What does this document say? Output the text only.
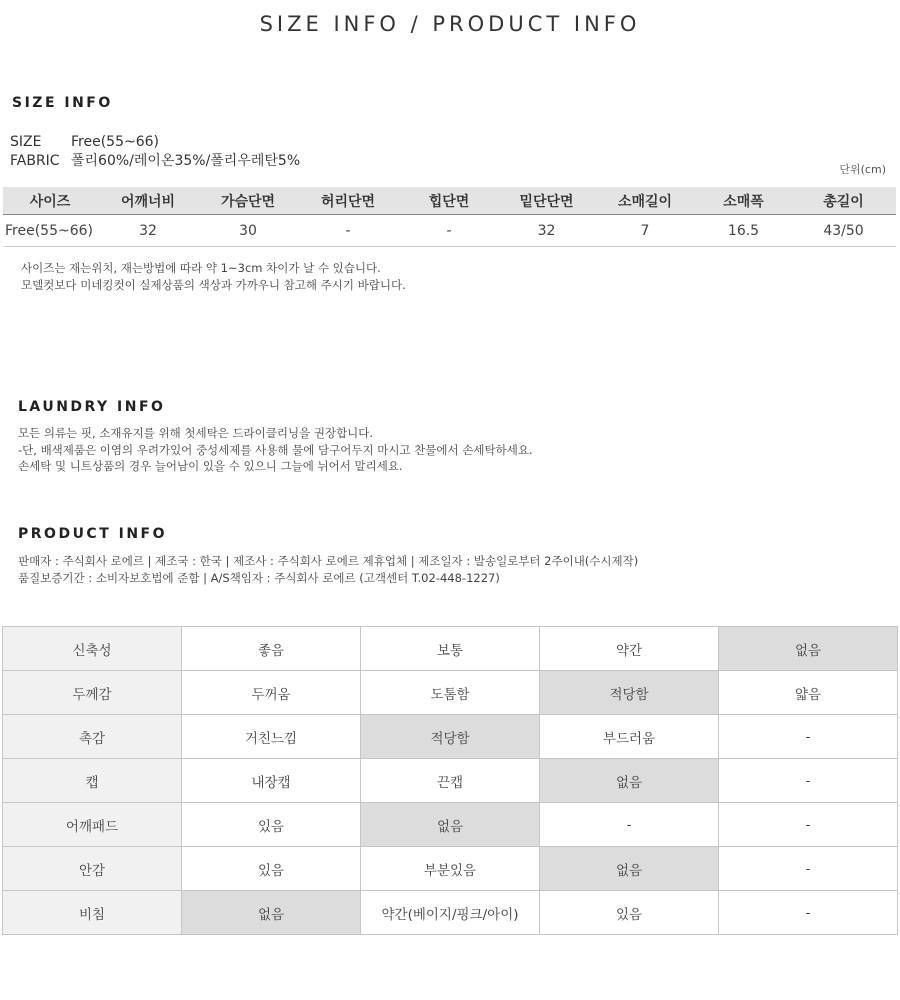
SIZE INFO / PRODUCT INFO
SIZE INFO
SIZE Free(55~66)
FABRIC 폴리60%/레이온35%/폴리우레탄5%
단위(cm)
사이즈	어깨너비	가슴단면	허리단면	힙단면	밑단단면	소매길이	소매폭	총길이
Free(55~66)	32	30	-	-	32	7	16.5	43/50
사이즈는 재는위치, 재는방법에 따라 약 1~3cm 차이가 날 수 있습니다.
모델컷보다 미네킹컷이 실제상품의 색상과 가까우니 참고해 주시기 바랍니다.
LAUNDRY INFO
모든 의류는 핏, 소재유지를 위해 첫세탁은 드라이클리닝을 권장합니다.
-단, 배색제품은 이염의 우려가있어 중성세제를 사용해 물에 담구어두지 마시고 찬물에서 손세탁하세요.
손세탁 및 니트상품의 경우 늘어남이 있을 수 있으니 그늘에 뉘어서 말리세요.
PRODUCT INFO
판매자 : 주식회사 로에르 | 제조국 : 한국 | 제조사 : 주식회사 로에르 제휴업체 | 제조일자 : 발송일로부터 2주이내(수시제작)
품질보증기간 : 소비자보호법에 준함 | A/S책임자 : 주식회사 로에르 (고객센터 T.02-448-1227)
신축성	좋음	보통	약간	없음
두께감	두꺼움	도톰함	적당함	얇음
촉감	거친느낌	적당함	부드러움	-
캡	내장캡	끈캡	없음	-
어깨패드	있음	없음	-	-
안감	있음	부분있음	없음	-
비침	없음	약간(베이지/핑크/아이)	있음	-
